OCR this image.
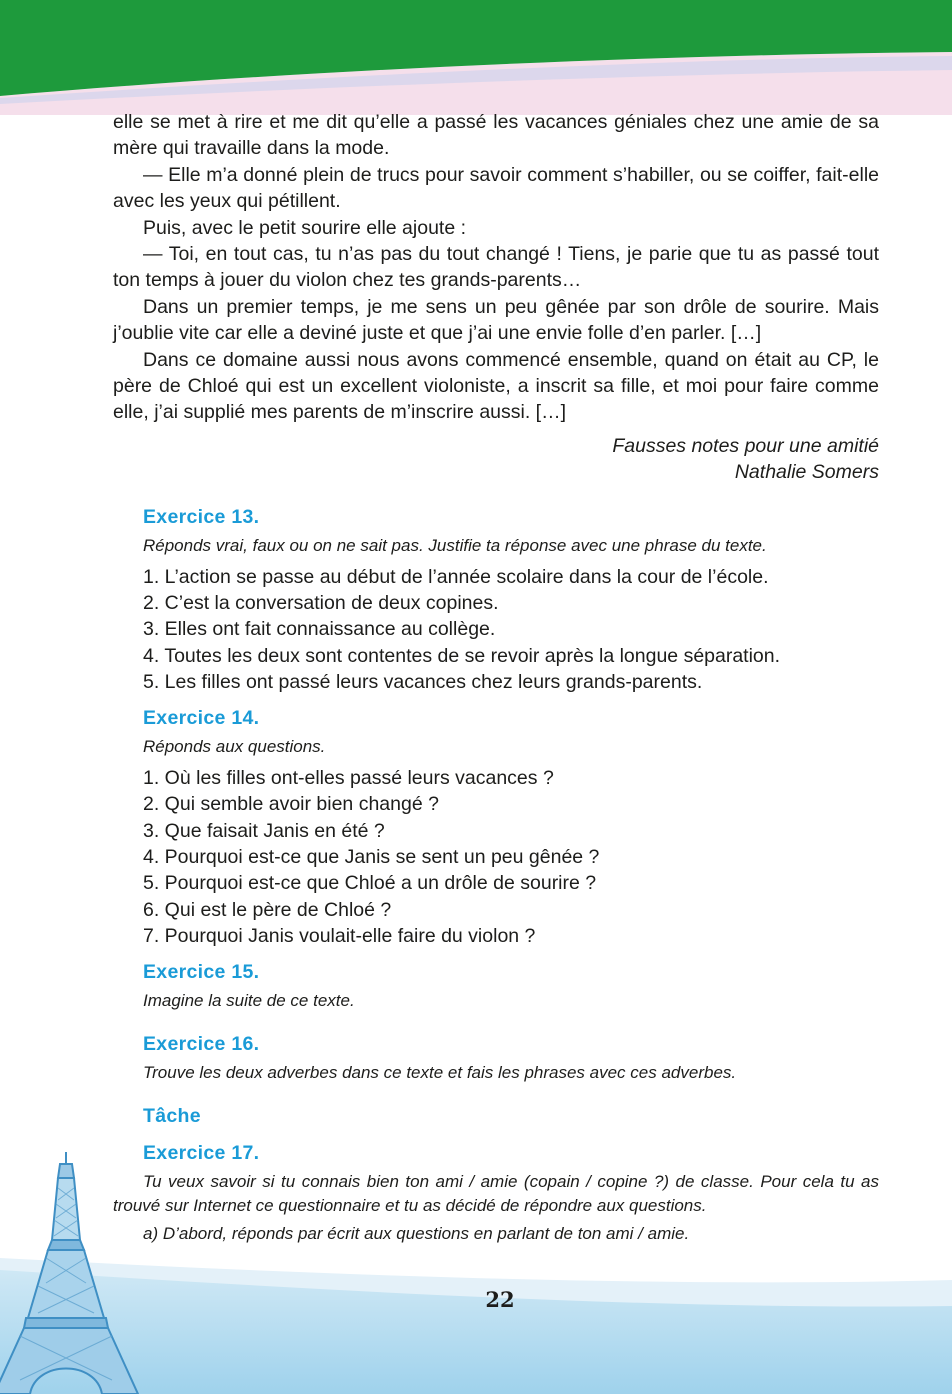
elle se met à rire et me dit qu’elle a passé les vacances géniales chez une amie de sa mère qui travaille dans la mode.

— Elle m’a donné plein de trucs pour savoir comment s’habiller, ou se coiffer, fait-elle avec les yeux qui pétillent.

Puis, avec le petit sourire elle ajoute :

— Toi, en tout cas, tu n’as pas du tout changé ! Tiens, je parie que tu as passé tout ton temps à jouer du violon chez tes grands-parents…

Dans un premier temps, je me sens un peu gênée par son drôle de sourire. Mais j’oublie vite car elle a deviné juste et que j’ai une envie folle d’en parler. […]

Dans ce domaine aussi nous avons commencé ensemble, quand on était au CP, le père de Chloé qui est un excellent violoniste, a inscrit sa fille, et moi pour faire comme elle, j’ai supplié mes parents de m’inscrire aussi. […]

Fausses notes pour une amitié

Nathalie Somers

Exercice 13.

Réponds vrai, faux ou on ne sait pas. Justifie ta réponse avec une phrase du texte.

1. L’action se passe au début de l’année scolaire dans la cour de l’école.
2. C’est la conversation de deux copines.
3. Elles ont fait connaissance au collège.
4. Toutes les deux sont contentes de se revoir après la longue séparation.
5. Les filles ont passé leurs vacances chez leurs grands-parents.

Exercice 14.

Réponds aux questions.

1. Où les filles ont-elles passé leurs vacances ?
2. Qui semble avoir bien changé ?
3. Que faisait Janis en été ?
4. Pourquoi est-ce que Janis se sent un peu gênée ?
5. Pourquoi est-ce que Chloé a un drôle de sourire ?
6. Qui est le père de Chloé ?
7. Pourquoi Janis voulait-elle faire du violon ?

Exercice 15.

Imagine la suite de ce texte.

Exercice 16.

Trouve les deux adverbes dans ce texte et fais les phrases avec ces adverbes.

Tâche

Exercice 17.

Tu veux savoir si tu connais bien ton ami / amie (copain / copine ?) de classe. Pour cela tu as trouvé sur Internet ce questionnaire et tu as décidé de répondre aux questions.

a) D’abord, réponds par écrit aux questions en parlant de ton ami / amie.

22
